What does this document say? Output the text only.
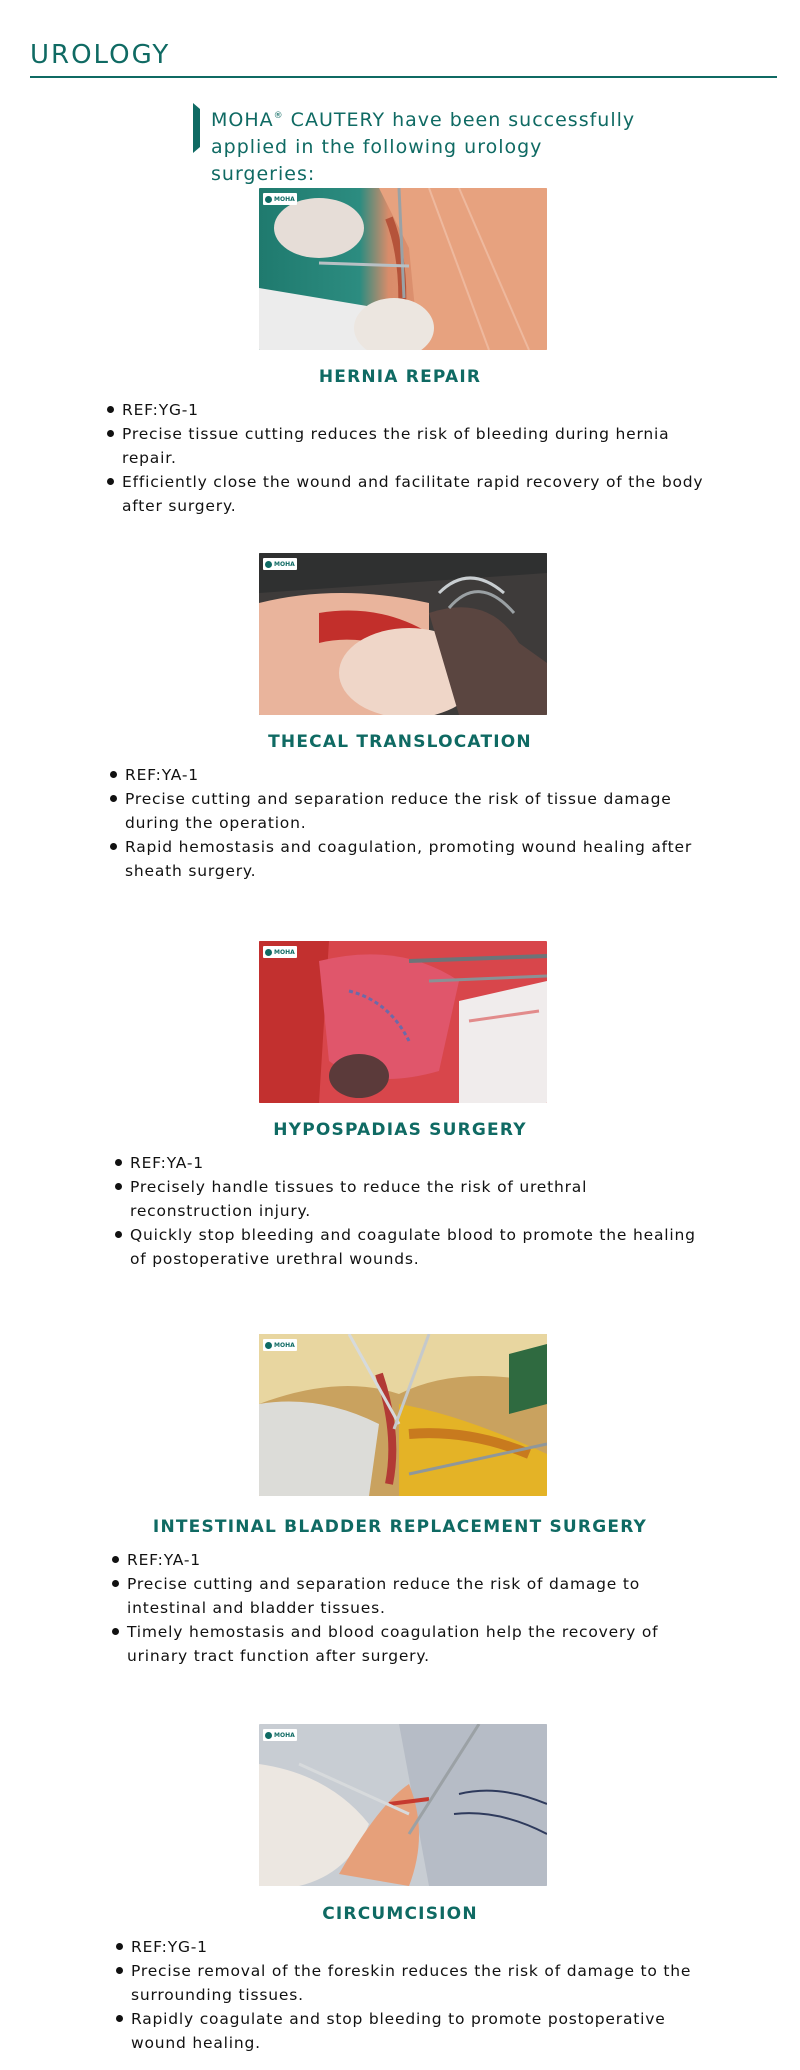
UROLOGY
MOHA® CAUTERY have been successfully
applied in the following urology surgeries:
MOHA
HERNIA REPAIR
REF:YG-1
Precise tissue cutting reduces the risk of bleeding during hernia repair.
Efficiently close the wound and facilitate rapid recovery of the body after surgery.
MOHA
THECAL TRANSLOCATION
REF:YA-1
Precise cutting and separation reduce the risk of tissue damage during the operation.
Rapid hemostasis and coagulation, promoting wound healing after sheath surgery.
MOHA
HYPOSPADIAS SURGERY
REF:YA-1
Precisely handle tissues to reduce the risk of urethral reconstruction injury.
Quickly stop bleeding and coagulate blood to promote the healing of postoperative urethral wounds.
MOHA
INTESTINAL BLADDER REPLACEMENT SURGERY
REF:YA-1
Precise cutting and separation reduce the risk of damage to intestinal and bladder tissues.
Timely hemostasis and blood coagulation help the recovery of urinary tract function after surgery.
MOHA
CIRCUMCISION
REF:YG-1
Precise removal of the foreskin reduces the risk of damage to the surrounding tissues.
Rapidly coagulate and stop bleeding to promote postoperative wound healing.
